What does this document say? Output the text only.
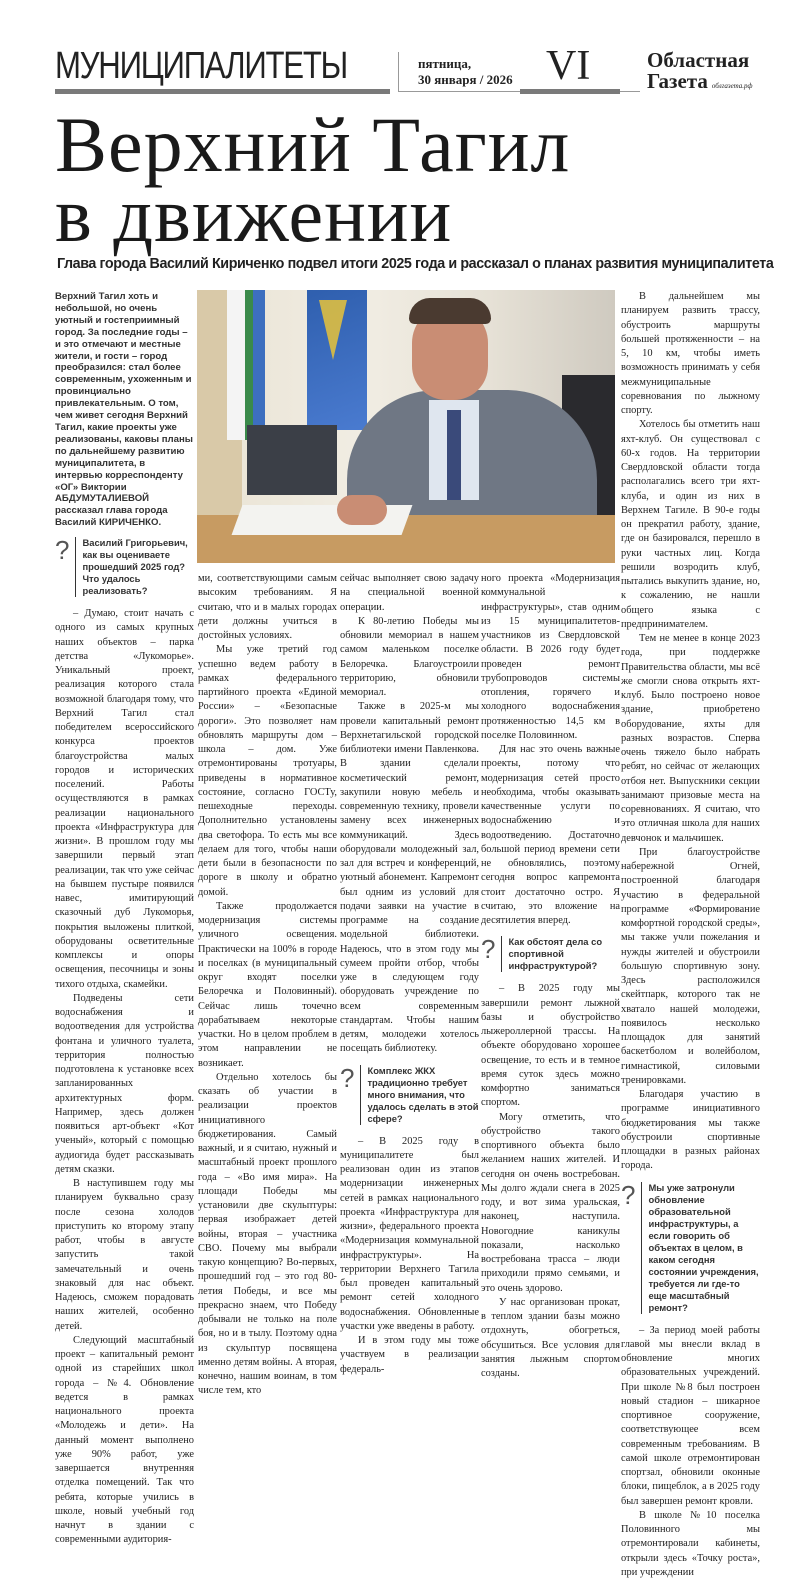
МУНИЦИПАЛИТЕТЫ	пятница,
30 января / 2026 VI	Областная
Газета облгазета.рф
Верхний Тагил
в движении
Глава города Василий Кириченко подвел итоги 2025 года и рассказал о планах развития муниципалитета
Верхний Тагил хоть и небольшой, но очень уютный и гостеприимный город. За последние годы – и это отмечают и местные жители, и гости – город преобразился: стал более современным, ухоженным и провинциально привлекательным. О том, чем живет сегодня Верхний Тагил, какие проекты уже реализованы, каковы планы по дальнейшему развитию муниципалитета, в интервью корреспонденту «ОГ» Виктории АБДУМУТАЛИЕВОЙ рассказал глава города Василий КИРИЧЕНКО.
?	Василий Григорьевич, как вы оцениваете прошедший 2025 год? Что удалось реализовать?

– Думаю, стоит начать с одного из самых крупных наших объектов – парка детства «Лукоморье». Уникальный проект, реализация которого стала возможной благодаря тому, что Верхний Тагил стал победителем всероссийского конкурса проектов благоустройства малых городов и исторических поселений. Работы осуществляются в рамках реализации национального проекта «Инфраструктура для жизни». В прошлом году мы завершили первый этап реализации, так что уже сейчас на бывшем пустыре появился навес, имитирующий сказочный дуб Лукоморья, покрытия выложены плиткой, оборудованы осветительные комплексы и опоры освещения, песочницы и зоны тихого отдыха, скамейки.

Подведены сети водоснабжения и водоотведения для устройства фонтана и уличного туалета, территория полностью подготовлена к установке всех запланированных архитектурных форм. Например, здесь должен появиться арт-объект «Кот ученый», который с помощью аудиогида будет рассказывать детям сказки.

В наступившем году мы планируем буквально сразу после сезона холодов приступить ко второму этапу работ, чтобы в августе запустить такой замечательный и очень знаковый для нас объект. Надеюсь, сможем порадовать наших жителей, особенно детей.

Следующий масштабный проект – капитальный ремонт одной из старейших школ города – №4. Обновление ведется в рамках национального проекта «Молодежь и дети». На данный момент выполнено уже 90% работ, уже завершается внутренняя отделка помещений. Так что ребята, которые учились в школе, новый учебный год начнут в здании с современными аудитория-

В дальнейшем мы планируем развить трассу, обустроить маршруты большей протяженности – на 5, 10 км, чтобы иметь возможность принимать у себя межмуниципальные соревнования по лыжному спорту.

Хотелось бы отметить наш яхт-клуб. Он существовал с 60-х годов. На территории Свердловской области тогда располагались всего три яхт-клуба, и один из них в Верхнем Тагиле. В 90-е годы он прекратил работу, здание, где он базировался, перешло в руки частных лиц. Когда решили возродить клуб, пытались выкупить здание, но, к сожалению, не нашли общего языка с предпринимателем.

Тем не менее в конце 2023 года, при поддержке Правительства области, мы всё же смогли снова открыть яхт-клуб. Было построено новое здание, приобретено оборудование, яхты для разных возрастов. Сперва очень тяжело было набрать ребят, но сейчас от желающих отбоя нет. Выпускники секции занимают призовые места на соревнованиях. Я считаю, что это отличная школа для наших девчонок и мальчишек.

При благоустройстве набережной Огней, построенной благодаря участию в федеральной программе «Формирование комфортной городской среды», мы также учли пожелания и нужды жителей и обустроили большую спортивную зону. Здесь расположился скейтпарк, которого так не хватало нашей молодежи, появилось несколько площадок для занятий баскетболом и волейболом, гимнастикой, силовыми тренировками.

Благодаря участию в программе инициативного бюджетирования мы также обустроили спортивные площадки в разных районах города.

?	Мы уже затронули обновление образовательной инфраструктуры, а если говорить об объектах в целом, в каком сегодня состоянии учреждения, требуется ли где-то еще масштабный ремонт?

– За период моей работы главой мы внесли вклад в обновление многих образовательных учреждений. При школе №8 был построен новый стадион – шикарное спортивное сооружение, соответствующее всем современным требованиям. В самой школе отремонтирован спортзал, обновили оконные блоки, пищеблок, а в 2025 году был завершен ремонт кровли.

В школе №10 поселка Половинного мы отремонтировали кабинеты, открыли здесь «Точку роста», при учреждении

ми, соответствующими самым высоким требованиям. Я считаю, что и в малых городах дети должны учиться в достойных условиях.

Мы уже третий год успешно ведем работу в рамках федерального партийного проекта «Единой России» – «Безопасные дороги». Это позволяет нам обновлять маршруты дом – школа – дом. Уже отремонтированы тротуары, приведены в нормативное состояние, согласно ГОСТу, пешеходные переходы. Дополнительно установлены два светофора. То есть мы все делаем для того, чтобы наши дети были в безопасности по дороге в школу и обратно домой.

Также продолжается модернизация системы уличного освещения. Практически на 100% в городе и поселках (в муниципальный округ входят поселки Белоречка и Половинный). Сейчас лишь точечно дорабатываем некоторые участки. Но в целом проблем в этом направлении не возникает.

Отдельно хотелось бы сказать об участии в реализации проектов инициативного бюджетирования. Самый важный, и я считаю, нужный и масштабный проект прошлого года – «Во имя мира». На площади Победы мы установили две скульптуры: первая изображает детей войны, вторая – участника СВО. Почему мы выбрали такую концепцию? Во-первых, прошедший год – это год 80-летия Победы, и все мы прекрасно знаем, что Победу добывали не только на поле боя, но и в тылу. Поэтому одна из скульптур посвящена именно детям войны. А вторая, конечно, нашим воинам, в том числе тем, кто

сейчас выполняет свою задачу на специальной военной операции.

К 80-летию Победы мы обновили мемориал в нашем самом маленьком поселке Белоречка. Благоустроили территорию, обновили мемориал.

Также в 2025-м мы провели капитальный ремонт Верхнетагильской городской библиотеки имени Павленкова. В здании сделали косметический ремонт, закупили новую мебель и современную технику, провели замену всех инженерных коммуникаций. Здесь оборудовали молодежный зал, зал для встреч и конференций, уютный абонемент. Капремонт был одним из условий для подачи заявки на участие в программе на создание модельной библиотеки. Надеюсь, что в этом году мы сумеем пройти отбор, чтобы уже в следующем году оборудовать учреждение по всем современным стандартам. Чтобы нашим детям, молодежи хотелось посещать библиотеку.

?	Комплекс ЖКХ традиционно требует много внимания, что удалось сделать в этой сфере?

– В 2025 году в муниципалитете был реализован один из этапов модернизации инженерных сетей в рамках национального проекта «Инфраструктура для жизни», федерального проекта «Модернизация коммунальной инфраструктуры». На территории Верхнего Тагила был проведен капитальный ремонт сетей холодного водоснабжения. Обновленные участки уже введены в работу.

И в этом году мы тоже участвуем в реализации федераль-

ного проекта «Модернизация коммунальной инфраструктуры», став одним из 15 муниципалитетов-участников из Свердловской области. В 2026 году будет проведен ремонт трубопроводов системы отопления, горячего и холодного водоснабжения протяженностью 14,5 км в поселке Половинном.

Для нас это очень важные проекты, потому что модернизация сетей просто необходима, чтобы оказывать качественные услуги по водоснабжению и водоотведению. Достаточно большой период времени сети не обновлялись, поэтому сегодня вопрос капремонта стоит достаточно остро. Я считаю, это вложение на десятилетия вперед.

?	Как обстоят дела со спортивной инфраструктурой?

– В 2025 году мы завершили ремонт лыжной базы и обустройство лыжероллерной трассы. На объекте оборудовано хорошее освещение, то есть и в темное время суток здесь можно комфортно заниматься спортом.

Могу отметить, что обустройство такого спортивного объекта было желанием наших жителей. И сегодня он очень востребован. Мы долго ждали снега в 2025 году, и вот зима уральская, наконец, наступила. Новогодние каникулы показали, насколько востребована трасса – люди приходили прямо семьями, и это очень здорово.

У нас организован прокат, в теплом здании базы можно отдохнуть, обогреться, обсушиться. Все условия для занятия лыжным спортом созданы.
